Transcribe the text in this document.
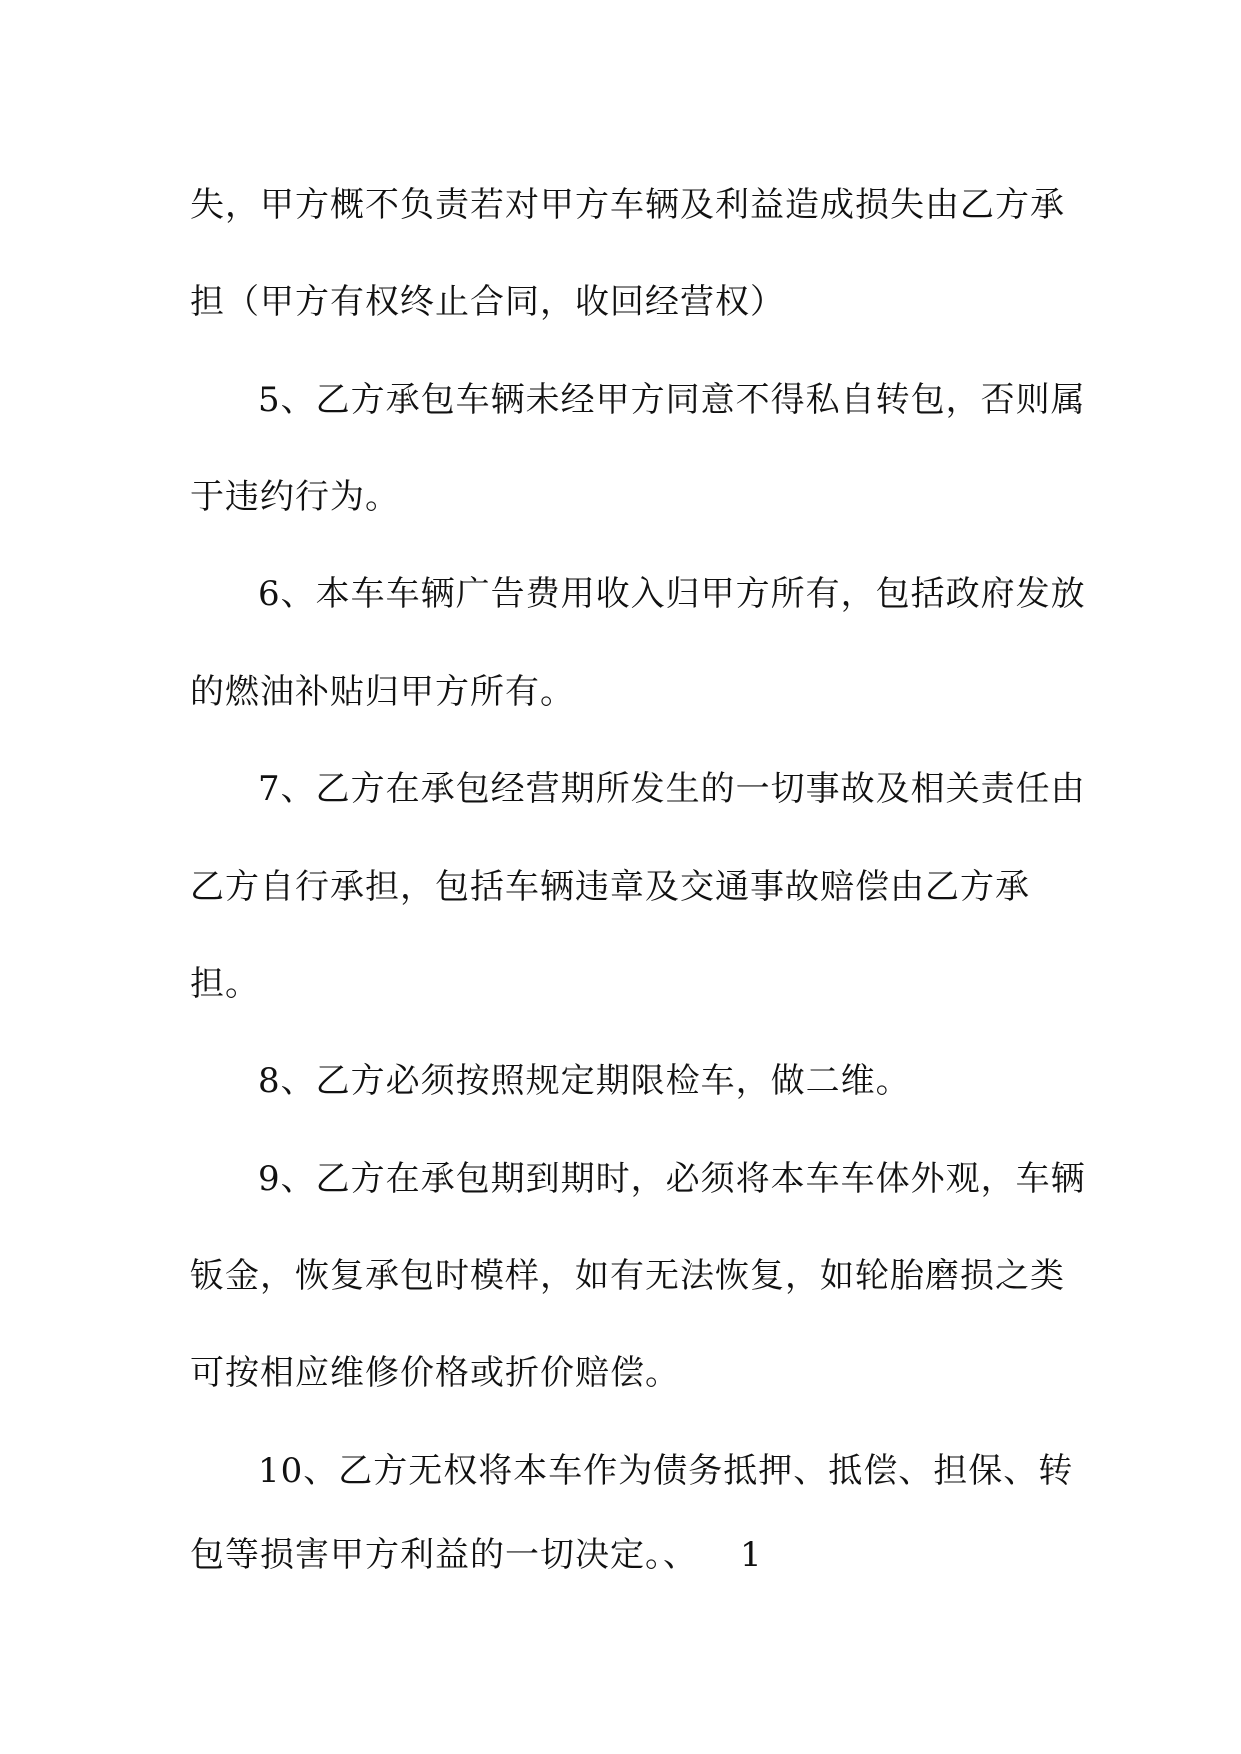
失，甲方概不负责若对甲方车辆及利益造成损失由乙方承
担（甲方有权终止合同，收回经营权）
5、乙方承包车辆未经甲方同意不得私自转包，否则属
于违约行为。
6、本车车辆广告费用收入归甲方所有，包括政府发放
的燃油补贴归甲方所有。
7、乙方在承包经营期所发生的一切事故及相关责任由
乙方自行承担，包括车辆违章及交通事故赔偿由乙方承
担。
8、乙方必须按照规定期限检车，做二维。
9、乙方在承包期到期时，必须将本车车体外观，车辆
钣金，恢复承包时模样，如有无法恢复，如轮胎磨损之类
可按相应维修价格或折价赔偿。
10、乙方无权将本车作为债务抵押、抵偿、担保、转
包等损害甲方利益的一切决定。、 1
